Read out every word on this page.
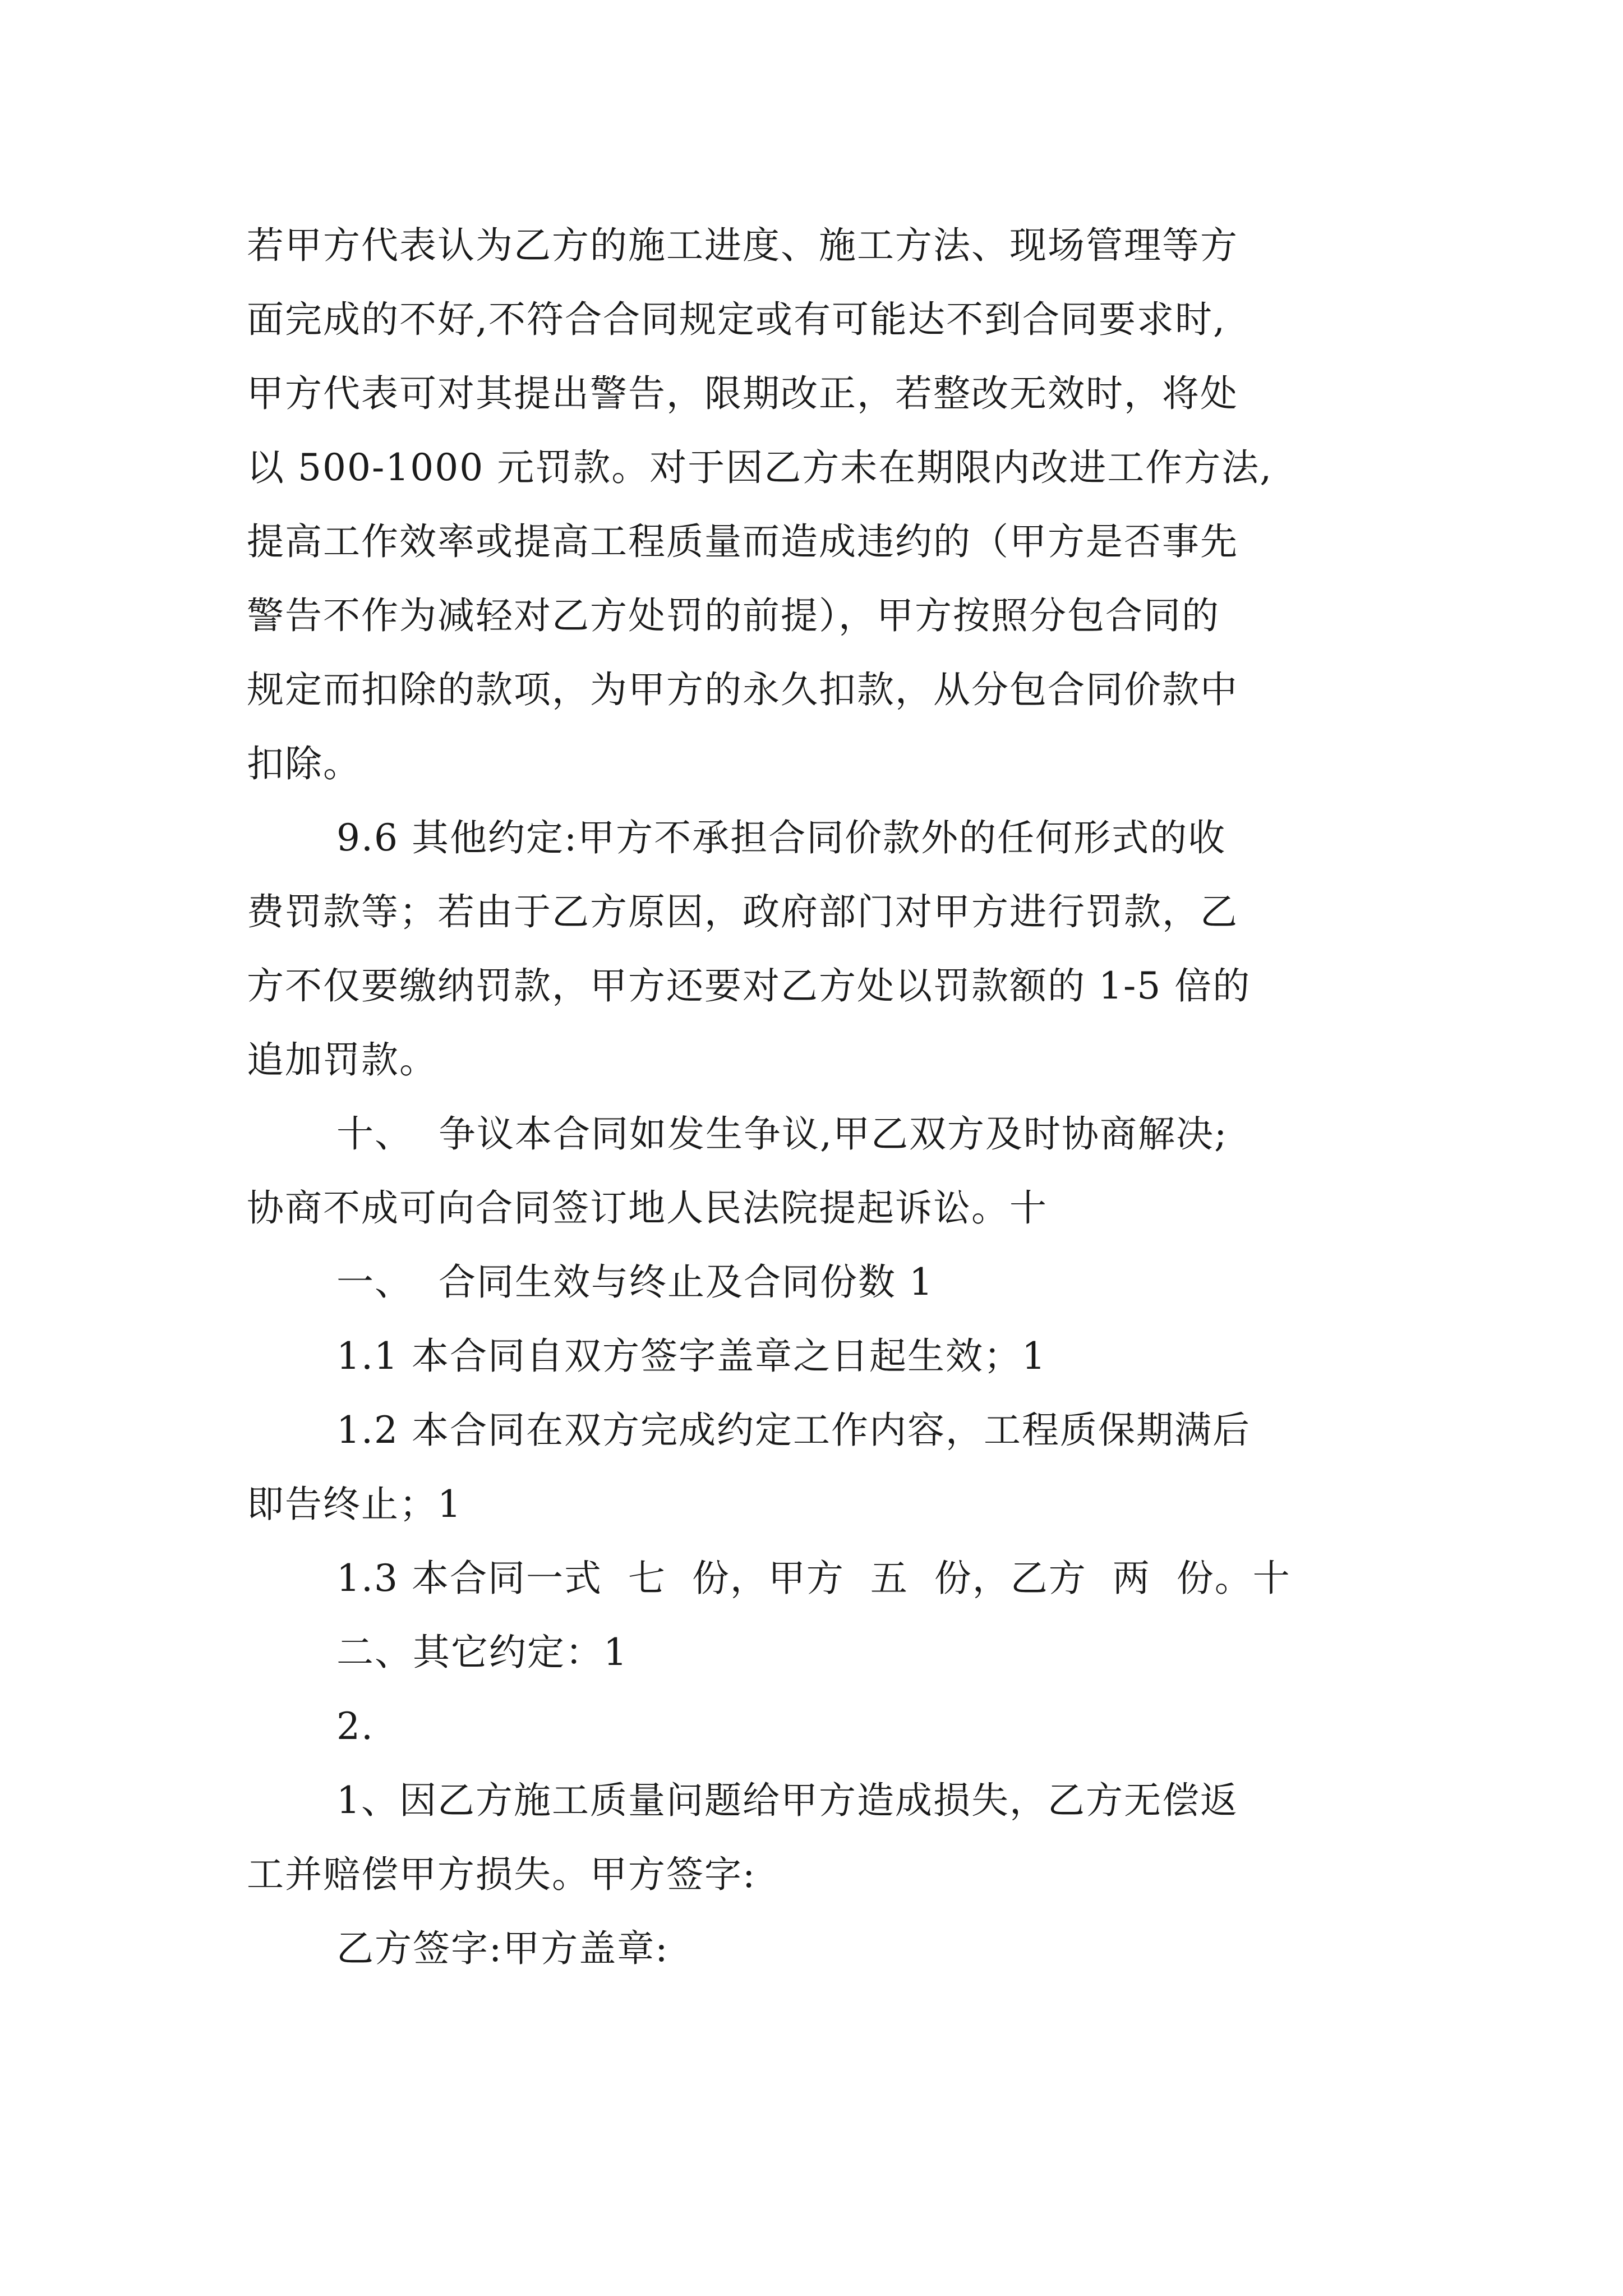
若甲方代表认为乙方的施工进度、施工方法、现场管理等方
面完成的不好,不符合合同规定或有可能达不到合同要求时,
甲方代表可对其提出警告，限期改正，若整改无效时，将处
以 500-1000 元罚款。对于因乙方未在期限内改进工作方法,
提高工作效率或提高工程质量而造成违约的（甲方是否事先
警告不作为减轻对乙方处罚的前提），甲方按照分包合同的
规定而扣除的款项，为甲方的永久扣款，从分包合同价款中
扣除。
9.6 其他约定:甲方不承担合同价款外的任何形式的收
费罚款等；若由于乙方原因，政府部门对甲方进行罚款，乙
方不仅要缴纳罚款，甲方还要对乙方处以罚款额的 1-5 倍的
追加罚款。
十、  争议本合同如发生争议,甲乙双方及时协商解决;
协商不成可向合同签订地人民法院提起诉讼。十
一、  合同生效与终止及合同份数 1
1.1 本合同自双方签字盖章之日起生效；1
1.2 本合同在双方完成约定工作内容，工程质保期满后
即告终止；1
1.3 本合同一式  七  份，甲方  五  份，乙方  两  份。十
二、其它约定：1
2.
1、因乙方施工质量问题给甲方造成损失，乙方无偿返
工并赔偿甲方损失。甲方签字:
乙方签字:甲方盖章:
